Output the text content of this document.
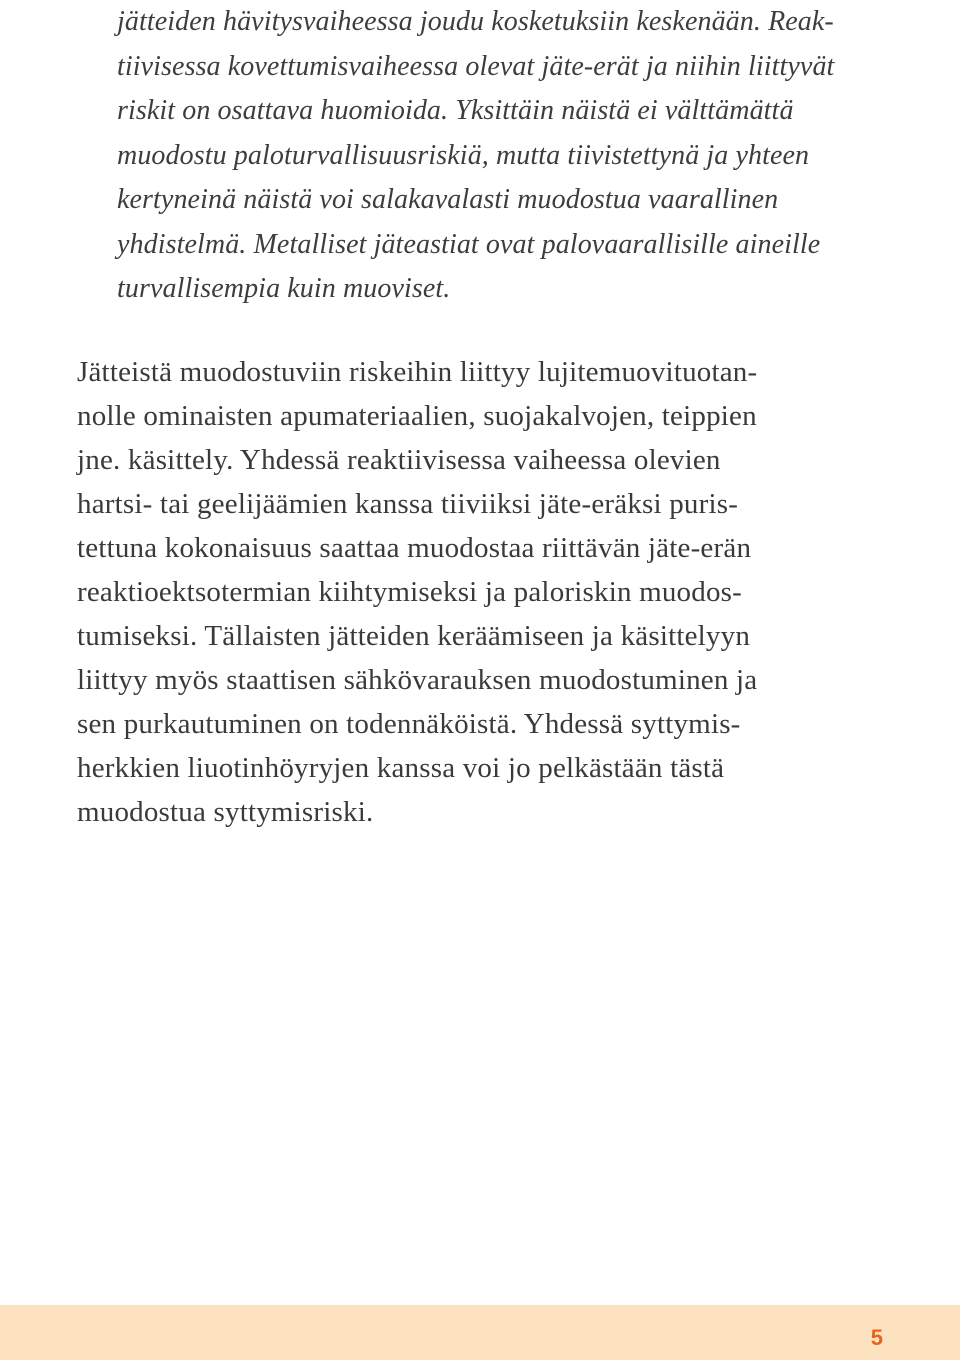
jätteiden hävitysvaiheessa joudu kosketuksiin keskenään. Reak-
tiivisessa kovettumisvaiheessa olevat jäte-erät ja niihin liittyvät
riskit on osattava huomioida. Yksittäin näistä ei välttämättä
muodostu paloturvallisuusriskiä, mutta tiivistettynä ja yhteen
kertyneinä näistä voi salakavalasti muodostua vaarallinen
yhdistelmä. Metalliset jäteastiat ovat palovaarallisille aineille
turvallisempia kuin muoviset.
Jätteistä muodostuviin riskeihin liittyy lujitemuovituotan-
nolle ominaisten apumateriaalien, suojakalvojen, teippien
jne. käsittely. Yhdessä reaktiivisessa vaiheessa olevien
hartsi- tai geelijäämien kanssa tiiviiksi jäte-eräksi puris-
tettuna kokonaisuus saattaa muodostaa riittävän jäte-erän
reaktioektsotermian kiihtymiseksi ja paloriskin muodos-
tumiseksi. Tällaisten jätteiden keräämiseen ja käsittelyyn
liittyy myös staattisen sähkövarauksen muodostuminen ja
sen purkautuminen on todennäköistä. Yhdessä syttymis-
herkkien liuotinhöyryjen kanssa voi jo pelkästään tästä
muodostua syttymisriski.
5
